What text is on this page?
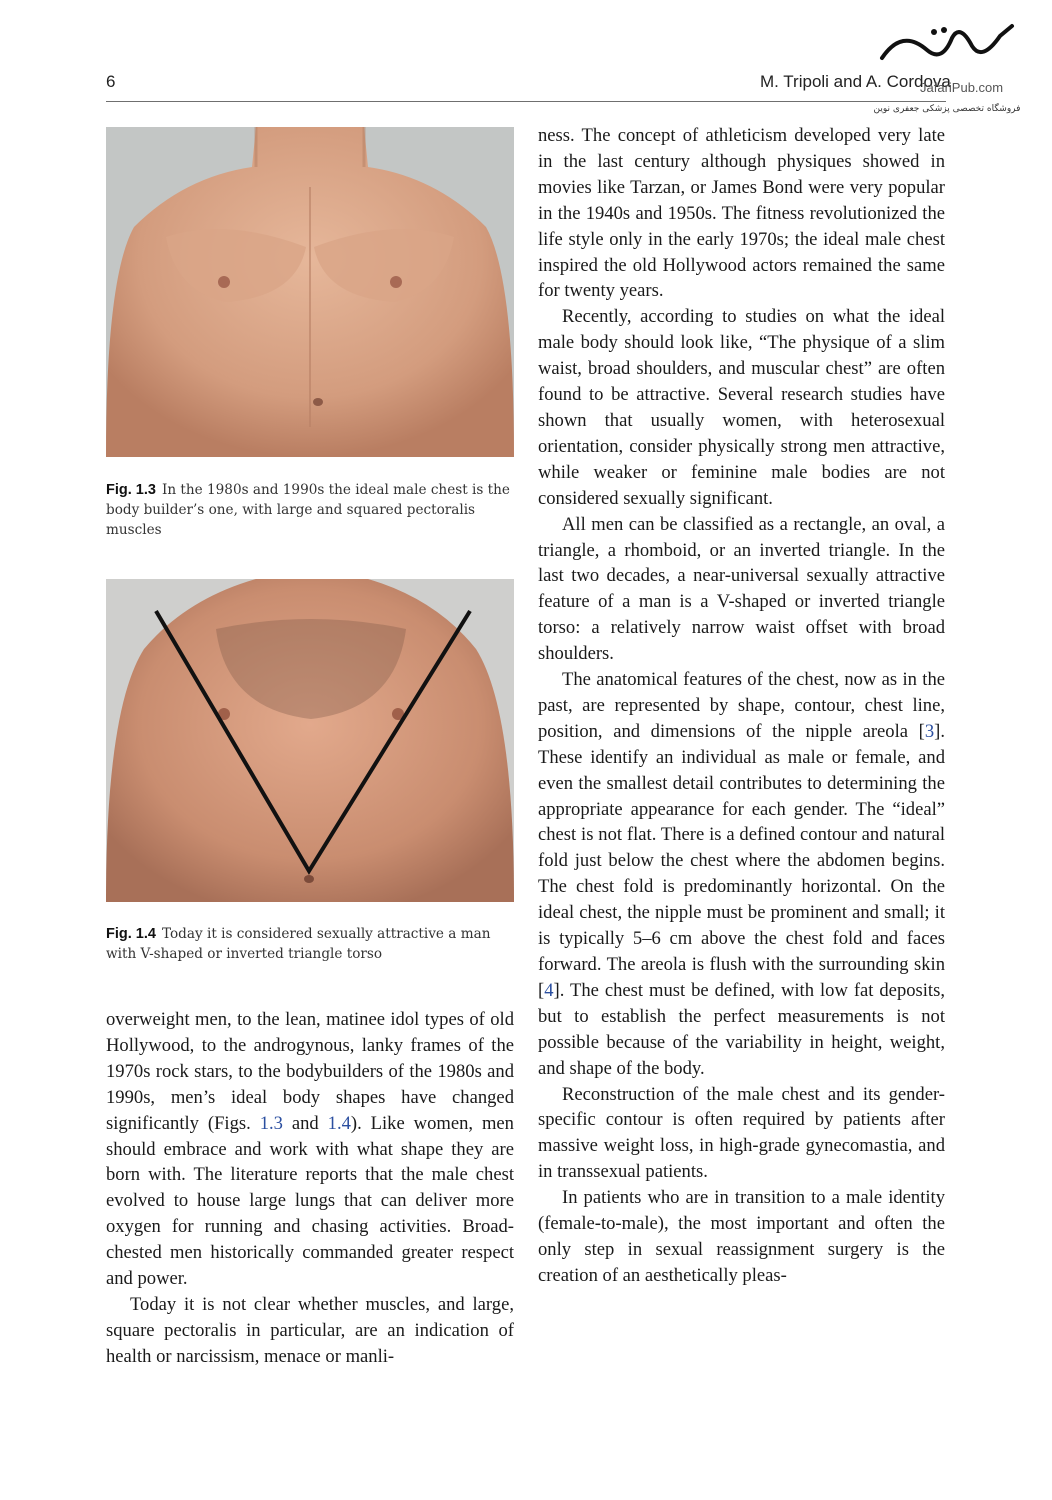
6	M. Tripoli and A. Cordova
JafariPub.com
فروشگاه تخصصی پزشکی جعفری نوین
Fig. 1.3 In the 1980s and 1990s the ideal male chest is the body builder’s one, with large and squared pectoralis muscles
Fig. 1.4 Today it is considered sexually attractive a man with V-shaped or inverted triangle torso

overweight men, to the lean, matinee idol types of old Hollywood, to the androgynous, lanky frames of the 1970s rock stars, to the bodybuilders of the 1980s and 1990s, men’s ideal body shapes have changed significantly (Figs. 1.3 and 1.4). Like women, men should embrace and work with what shape they are born with. The literature reports that the male chest evolved to house large lungs that can deliver more oxygen for running and chasing activities. Broad-chested men historically commanded greater respect and power.

Today it is not clear whether muscles, and large, square pectoralis in particular, are an indication of health or narcissism, menace or manli-

ness. The concept of athleticism developed very late in the last century although physiques showed in movies like Tarzan, or James Bond were very popular in the 1940s and 1950s. The fitness revolutionized the life style only in the early 1970s; the ideal male chest inspired the old Hollywood actors remained the same for twenty years.

Recently, according to studies on what the ideal male body should look like, “The physique of a slim waist, broad shoulders, and muscular chest” are often found to be attractive. Several research studies have shown that usually women, with heterosexual orientation, consider physically strong men attractive, while weaker or feminine male bodies are not considered sexually significant.

All men can be classified as a rectangle, an oval, a triangle, a rhomboid, or an inverted triangle. In the last two decades, a near-universal sexually attractive feature of a man is a V-shaped or inverted triangle torso: a relatively narrow waist offset with broad shoulders.

The anatomical features of the chest, now as in the past, are represented by shape, contour, chest line, position, and dimensions of the nipple areola [3]. These identify an individual as male or female, and even the smallest detail contributes to determining the appropriate appearance for each gender. The “ideal” chest is not flat. There is a defined contour and natural fold just below the chest where the abdomen begins. The chest fold is predominantly horizontal. On the ideal chest, the nipple must be prominent and small; it is typically 5–6 cm above the chest fold and faces forward. The areola is flush with the surrounding skin [4]. The chest must be defined, with low fat deposits, but to establish the perfect measurements is not possible because of the variability in height, weight, and shape of the body.

Reconstruction of the male chest and its gender-specific contour is often required by patients after massive weight loss, in high-grade gynecomastia, and in transsexual patients.

In patients who are in transition to a male identity (female-to-male), the most important and often the only step in sexual reassignment surgery is the creation of an aesthetically pleas-
